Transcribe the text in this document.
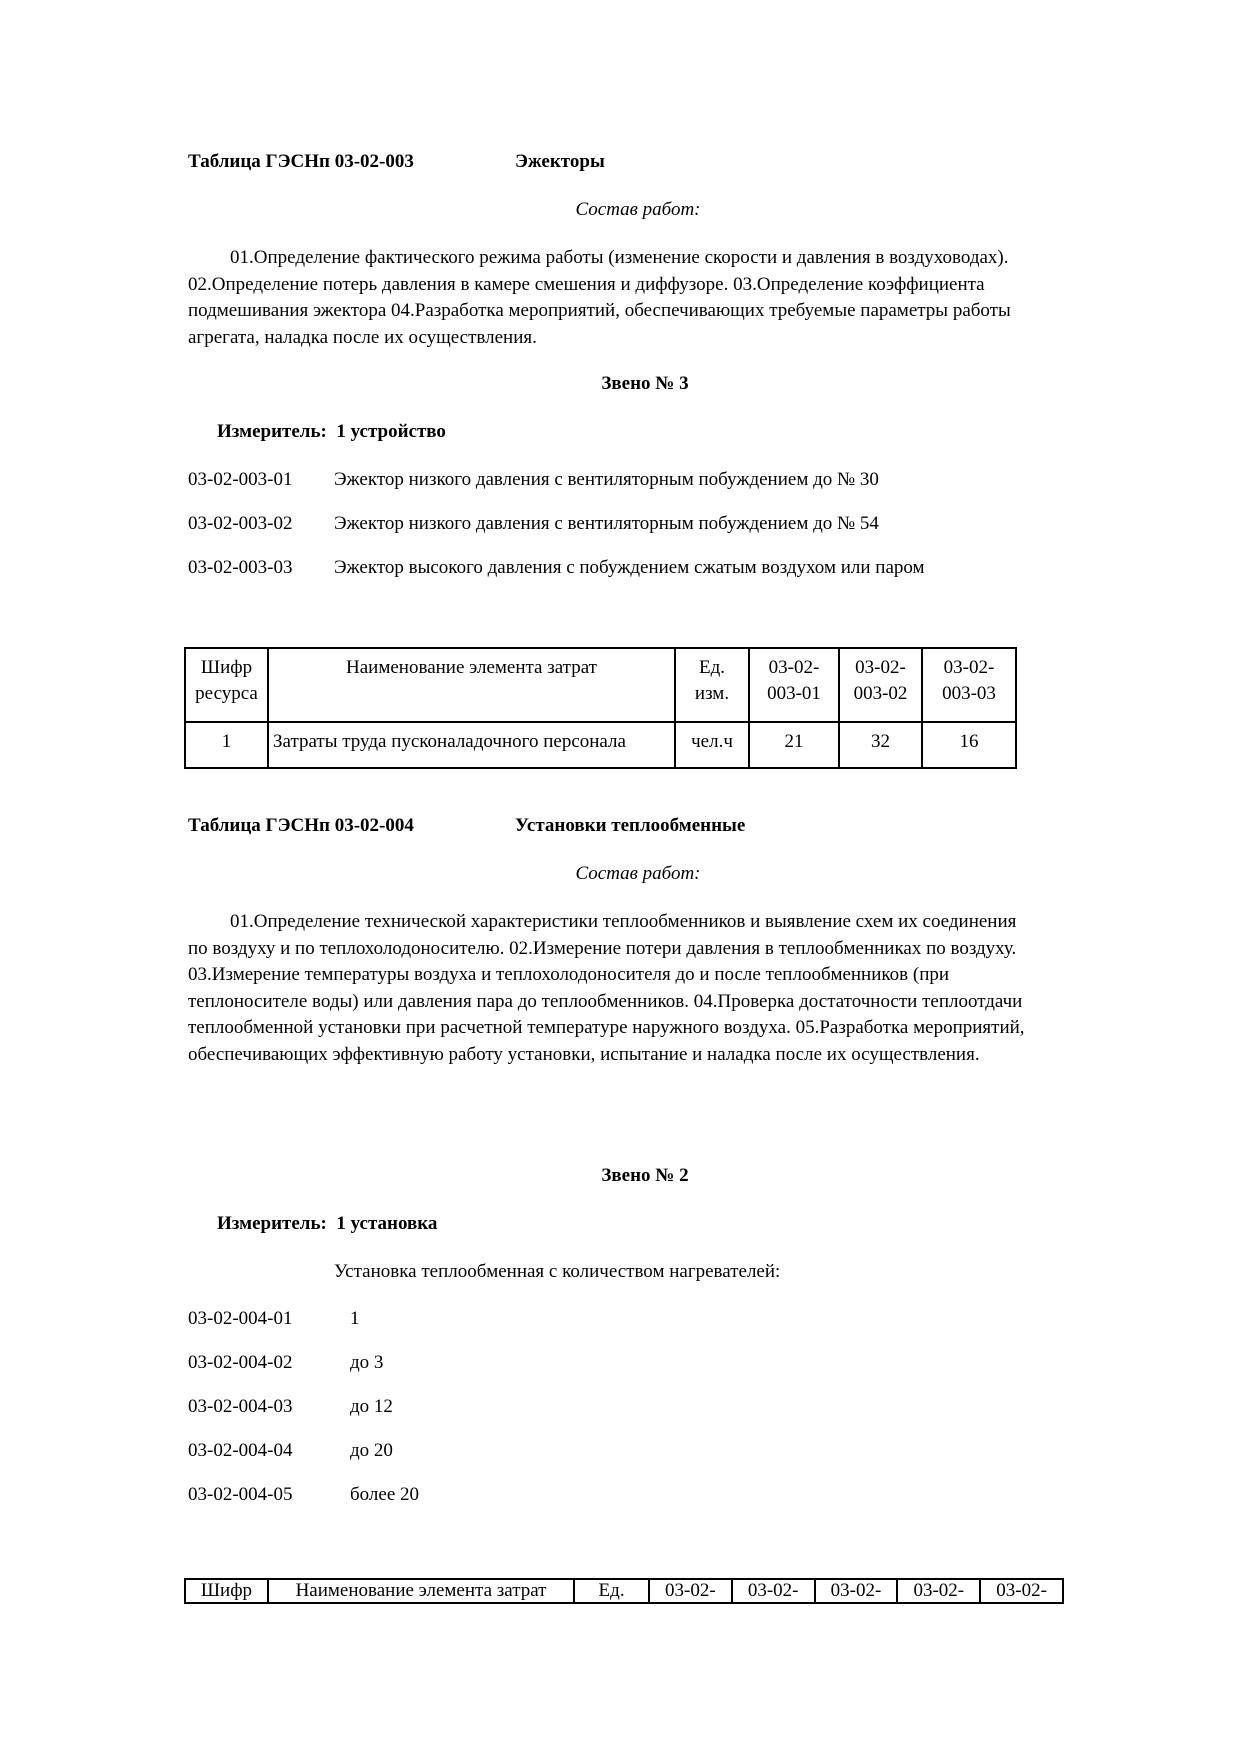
Таблица ГЭСНп 03-02-003	Эжекторы
Состав работ:
01.Определение фактического режима работы (изменение скорости и давления в воздуховодах). 02.Определение потерь давления в камере смешения и диффузоре. 03.Определение коэффициента подмешивания эжектора 04.Разработка мероприятий, обеспечивающих требуемые параметры работы агрегата, наладка после их осуществления.
Звено № 3
Измеритель: 1 устройство
03-02-003-01 Эжектор низкого давления с вентиляторным побуждением до № 30
03-02-003-02 Эжектор низкого давления с вентиляторным побуждением до № 54
03-02-003-03 Эжектор высокого давления с побуждением сжатым воздухом или паром
Шифр ресурса	Наименование элемента затрат	Ед. изм.	03-02-003-01	03-02-003-02	03-02-003-03
1	Затраты труда пусконаладочного персонала	чел.ч	21	32	16
Таблица ГЭСНп 03-02-004	Установки теплообменные
Состав работ:
01.Определение технической характеристики теплообменников и выявление схем их соединения по воздуху и по теплохолодоносителю. 02.Измерение потери давления в теплообменниках по воздуху. 03.Измерение температуры воздуха и теплохолодоносителя до и после теплообменников (при теплоносителе воды) или давления пара до теплообменников. 04.Проверка достаточности теплоотдачи теплообменной установки при расчетной температуре наружного воздуха. 05.Разработка мероприятий, обеспечивающих эффективную работу установки, испытание и наладка после их осуществления.
Звено № 2
Измеритель: 1 установка
Установка теплообменная с количеством нагревателей:
03-02-004-01	1
03-02-004-02	до 3
03-02-004-03	до 12
03-02-004-04	до 20
03-02-004-05	более 20
Шифр	Наименование элемента затрат	Ед.	03-02-	03-02-	03-02-	03-02-	03-02-
